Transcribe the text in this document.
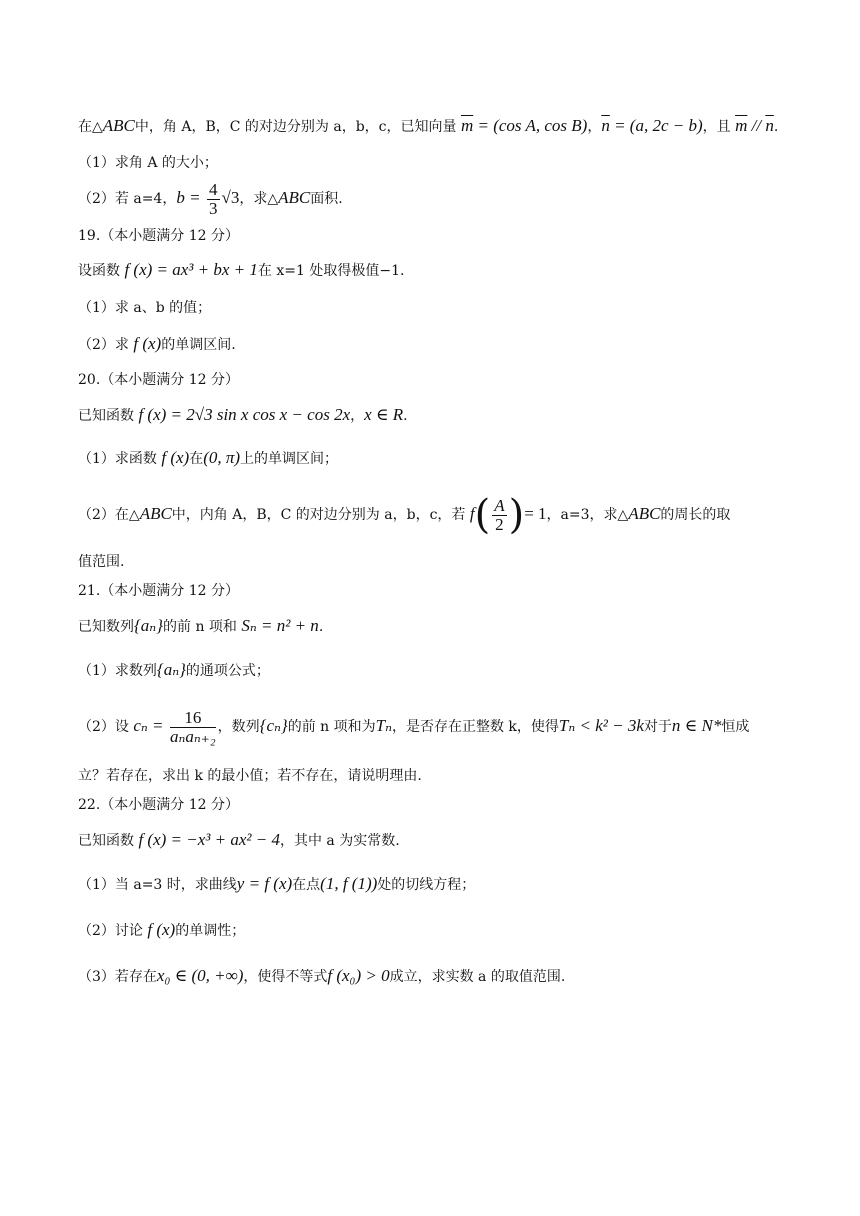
在△ABC中，角 A，B，C 的对边分别为 a，b，c，已知向量 $\overline{m} = (\cos$ A, cos B)，$\overline{n} = (a$, 2c − b)，且 $\overline{m} // \overline{n}$.
（1）求角 A 的大小；
（2）若 a=4，$b = \frac{4}{3} √3$，求△ABC面积.
19.（本小题满分 12 分）
设函数 f (x) = ax³ + bx + 1在 x=1 处取得极值−1.
（1）求 a、b 的值；
（2）求 f (x)的单调区间.
20.（本小题满分 12 分）
已知函数 f (x) = 2√3 sin x cos x − cos 2x，x ∈ R.
（1）求函数 f (x)在(0, π)上的单调区间；
（2）在△ABC中，内角 A，B，C 的对边分别为 a，b，c，若 $f( \frac{A}{2}$ )= 1，a=3，求△ABC的周长的取
值范围.
21.（本小题满分 12 分）
已知数列{aₙ}的前 n 项和 Sₙ = n² + n.
（1）求数列{aₙ}的通项公式；
（2）设 $c_n = \frac{16}{\text{aₙaₙ₊₂}}$ ，数列{cₙ}的前 n 项和为Tₙ，是否存在正整数 k，使得Tₙ < k² − 3k对于n ∈ N*恒成
立？若存在，求出 k 的最小值；若不存在，请说明理由.
22.（本小题满分 12 分）
已知函数 f (x) = −x³ + ax² − 4，其中 a 为实常数.
（1）当 a=3 时，求曲线y = f (x)在点(1, f (1))处的切线方程；
（2）讨论 f (x)的单调性；
（3）若存在x₀ ∈ (0, +∞)，使得不等式f (x₀) > 0成立，求实数 a 的取值范围.
